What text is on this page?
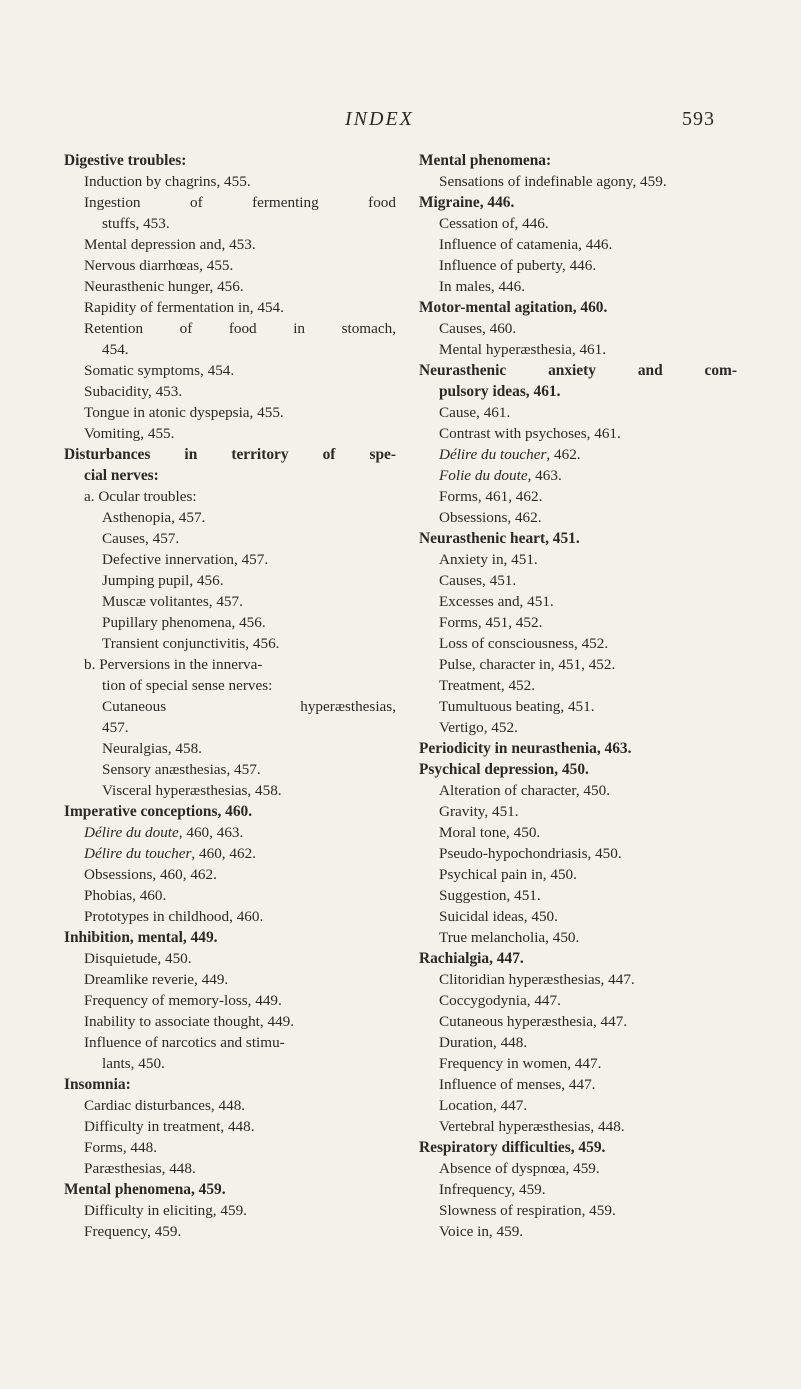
INDEX	593
Digestive troubles:
Induction by chagrins, 455.
Ingestion	of	fermenting	food
stuffs, 453.
Mental depression and, 453.
Nervous diarrhœas, 455.
Neurasthenic hunger, 456.
Rapidity of fermentation in, 454.
Retention of food in stomach,
454.
Somatic symptoms, 454.
Subacidity, 453.
Tongue in atonic dyspepsia, 455.
Vomiting, 455.
Disturbances in territory of spe-
cial nerves:
a. Ocular troubles:
Asthenopia, 457.
Causes, 457.
Defective innervation, 457.
Jumping pupil, 456.
Muscæ volitantes, 457.
Pupillary phenomena, 456.
Transient conjunctivitis, 456.
b. Perversions in the innerva-
tion of special sense nerves:
Cutaneous	hyperæsthesias,
457.
Neuralgias, 458.
Sensory anæsthesias, 457.
Visceral hyperæsthesias, 458.
Imperative conceptions, 460.
Délire du doute, 460, 463.
Délire du toucher, 460, 462.
Obsessions, 460, 462.
Phobias, 460.
Prototypes in childhood, 460.
Inhibition, mental, 449.
Disquietude, 450.
Dreamlike reverie, 449.
Frequency of memory-loss, 449.
Inability to associate thought, 449.
Influence of narcotics and stimu-
lants, 450.
Insomnia:
Cardiac disturbances, 448.
Difficulty in treatment, 448.
Forms, 448.
Paræsthesias, 448.
Mental phenomena, 459.
Difficulty in eliciting, 459.
Frequency, 459.
Mental phenomena:
Sensations of indefinable agony, 459.
Migraine, 446.
Cessation of, 446.
Influence of catamenia, 446.
Influence of puberty, 446.
In males, 446.
Motor-mental agitation, 460.
Causes, 460.
Mental hyperæsthesia, 461.
Neurasthenic	anxiety	and	com-
pulsory ideas, 461.
Cause, 461.
Contrast with psychoses, 461.
Délire du toucher, 462.
Folie du doute, 463.
Forms, 461, 462.
Obsessions, 462.
Neurasthenic heart, 451.
Anxiety in, 451.
Causes, 451.
Excesses and, 451.
Forms, 451, 452.
Loss of consciousness, 452.
Pulse, character in, 451, 452.
Treatment, 452.
Tumultuous beating, 451.
Vertigo, 452.
Periodicity in neurasthenia, 463.
Psychical depression, 450.
Alteration of character, 450.
Gravity, 451.
Moral tone, 450.
Pseudo-hypochondriasis, 450.
Psychical pain in, 450.
Suggestion, 451.
Suicidal ideas, 450.
True melancholia, 450.
Rachialgia, 447.
Clitoridian hyperæsthesias, 447.
Coccygodynia, 447.
Cutaneous hyperæsthesia, 447.
Duration, 448.
Frequency in women, 447.
Influence of menses, 447.
Location, 447.
Vertebral hyperæsthesias, 448.
Respiratory difficulties, 459.
Absence of dyspnœa, 459.
Infrequency, 459.
Slowness of respiration, 459.
Voice in, 459.
